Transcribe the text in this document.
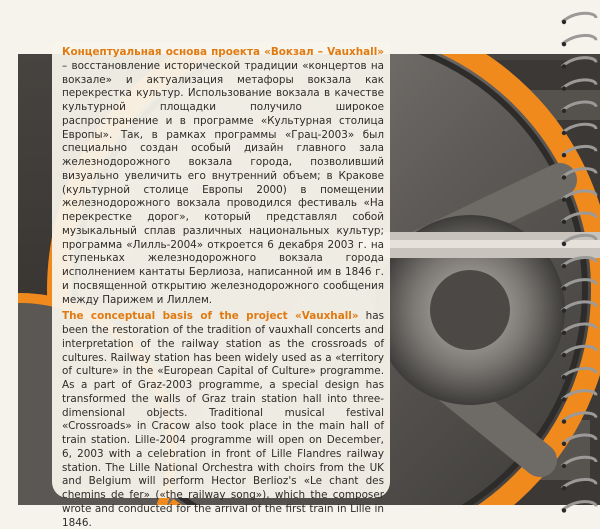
Концептуальная основа проекта «Вокзал – Vauxhall» – восстановление исторической традиции «концертов на вокзале» и актуализация метафоры вокзала как перекрестка культур. Использование вокзала в качестве культурной площадки получило широкое распространение и в программе «Культурная столица Европы». Так, в рамках программы «Грац-2003» был специально создан особый дизайн главного зала железнодорожного вокзала города, позволивший визуально увеличить его внутренний объем; в Кракове (культурной столице Европы 2000) в помещении железнодорожного вокзала проводился фестиваль «На перекрестке дорог», который представлял собой музыкальный сплав различных национальных культур; программа «Лилль-2004» откроется 6 декабря 2003 г. на ступеньках железнодорожного вокзала города исполнением кантаты Берлиоза, написанной им в 1846 г. и посвященной открытию железнодорожного сообщения между Парижем и Лиллем.

The conceptual basis of the project «Vauxhall» has been the restoration of the tradition of vauxhall concerts and interpretation of the railway station as the crossroads of cultures. Railway station has been widely used as a «territory of culture» in the «European Capital of Culture» programme. As a part of Graz-2003 programme, a special design has transformed the walls of Graz train station hall into three-dimensional objects. Traditional musical festival «Crossroads» in Cracow also took place in the main hall of train station. Lille-2004 programme will open on December, 6, 2003 with a celebration in front of Lille Flandres railway station. The Lille National Orchestra with choirs from the UK and Belgium will perform Hector Berlioz's «Le chant des chemins de fer» («the railway song»), which the composer wrote and conducted for the arrival of the first train in Lille in 1846.
